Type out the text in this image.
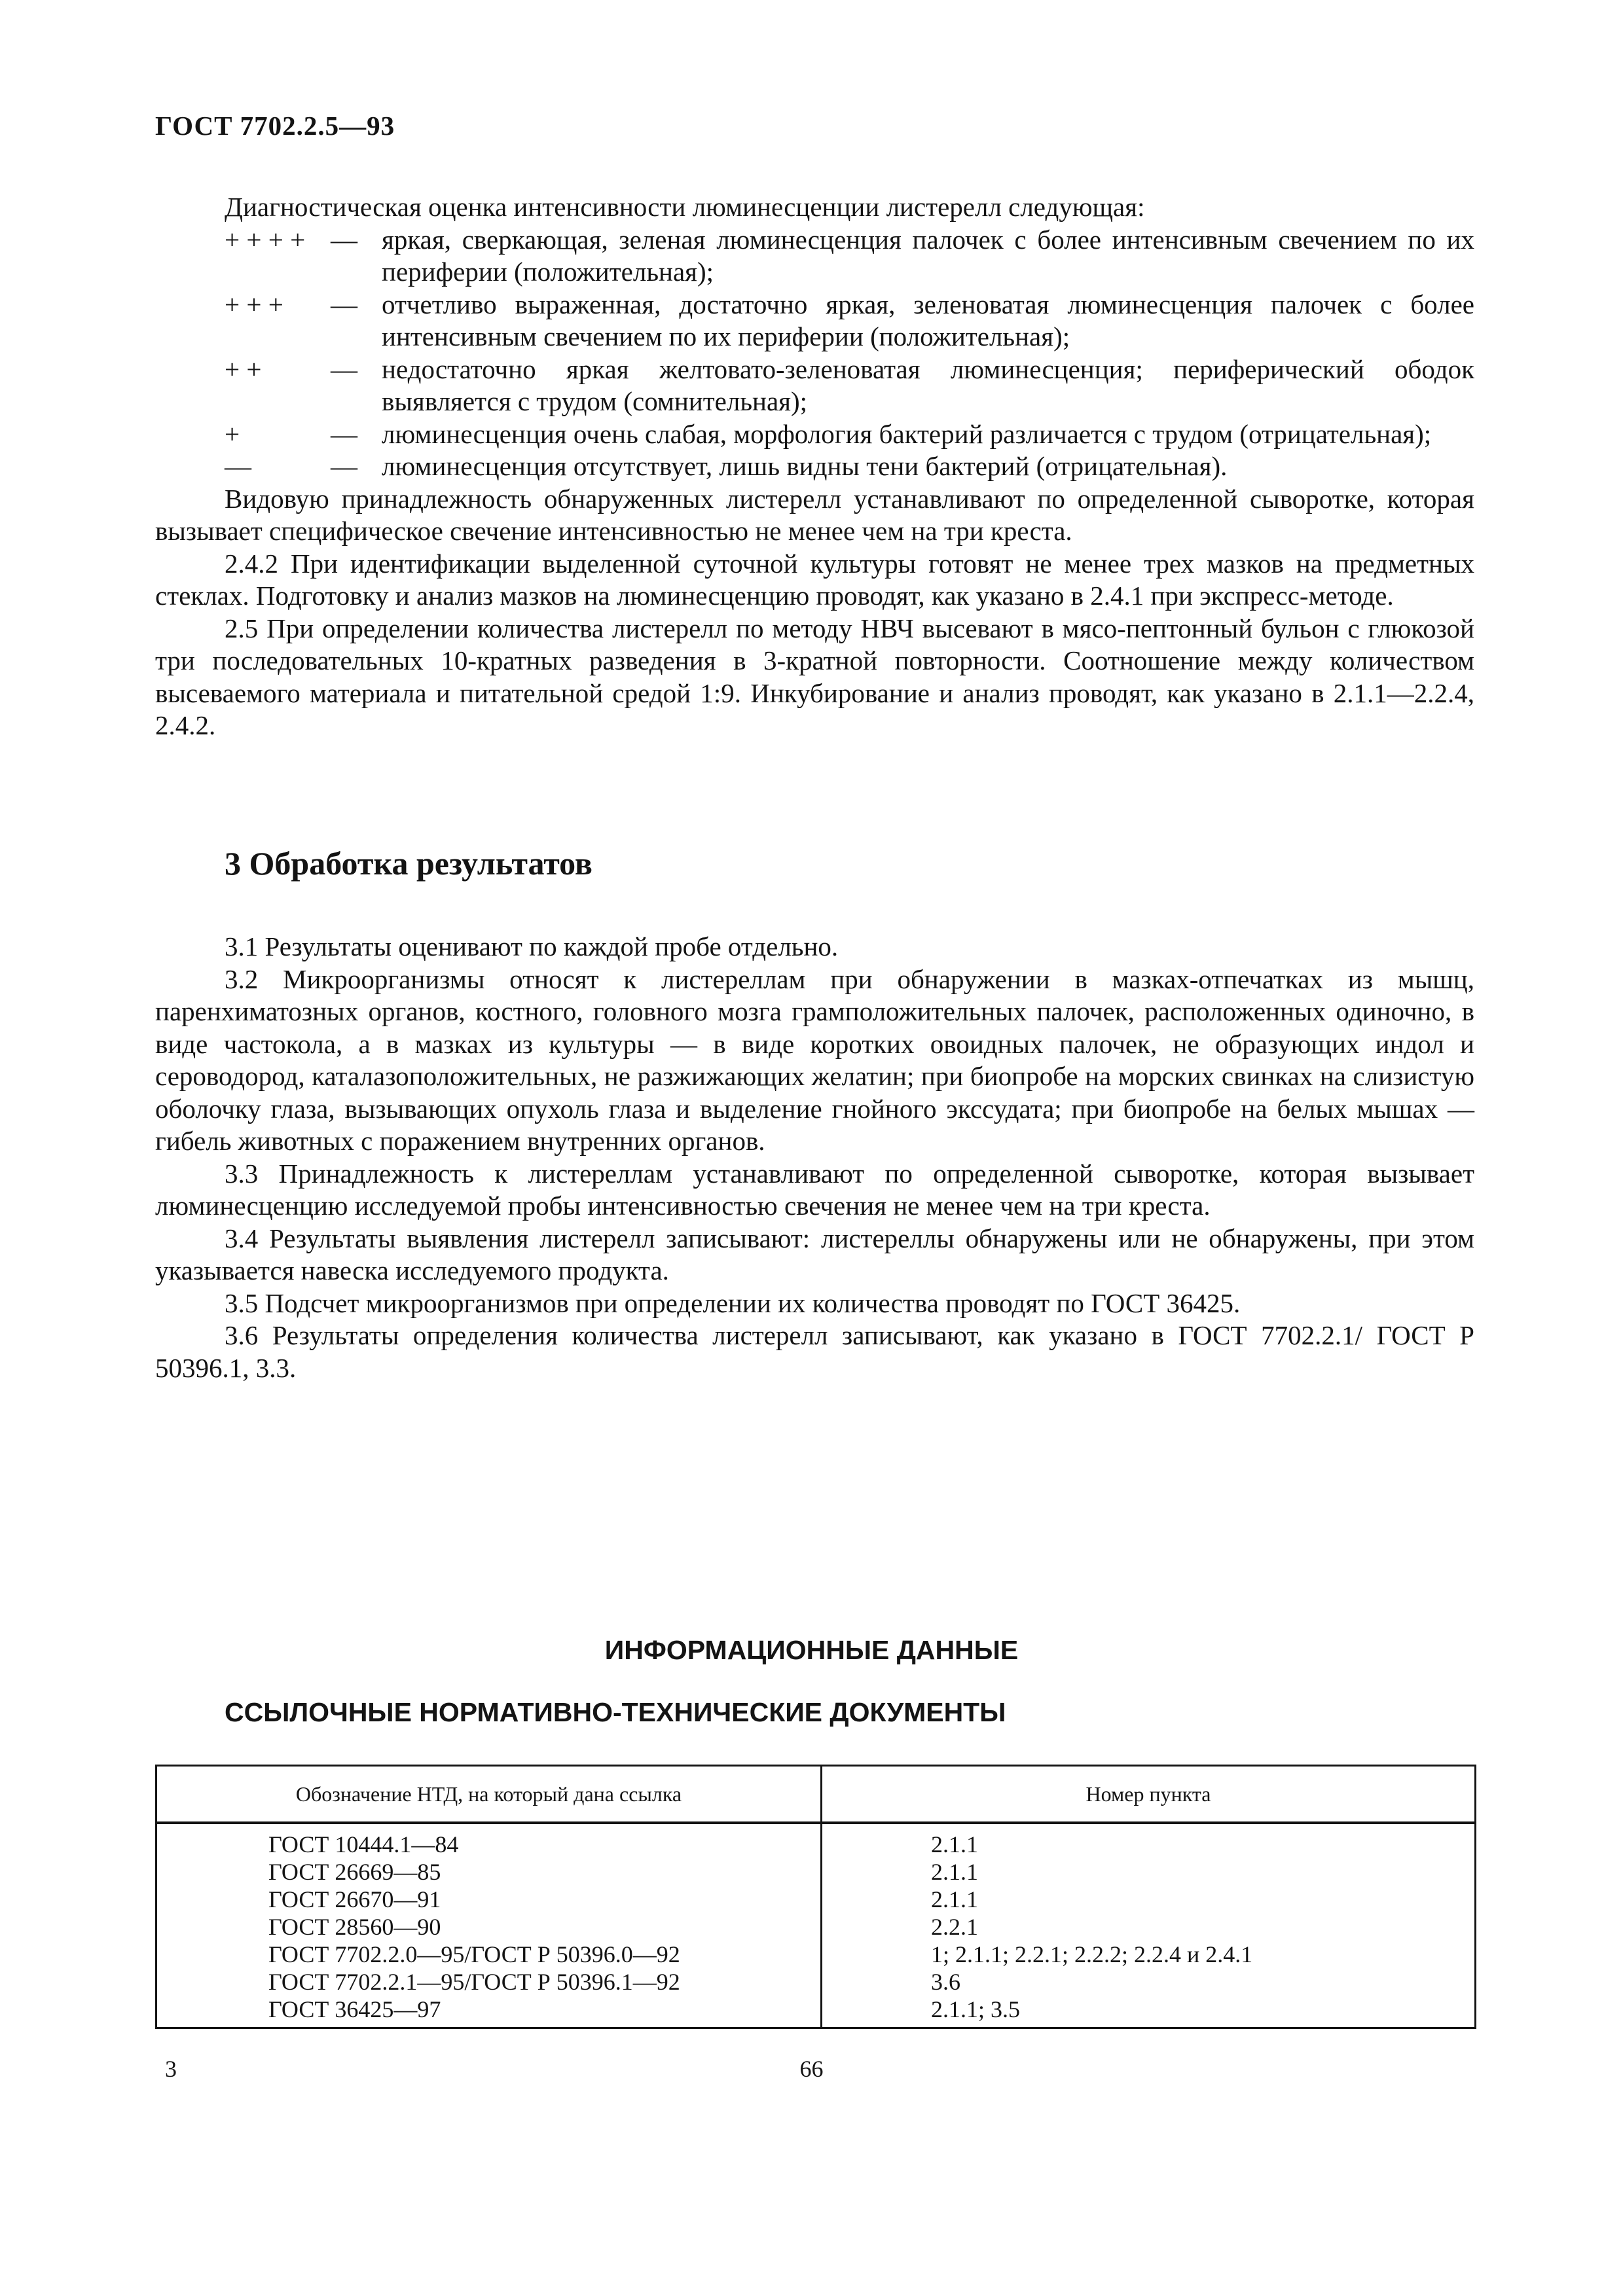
ГОСТ 7702.2.5—93

Диагностическая оценка интенсивности люминесценции листерелл следующая:

+ + + + — яркая, сверкающая, зеленая люминесценция палочек с более интенсивным свечением по их периферии (положительная);
+ + +	— отчетливо выраженная, достаточно яркая, зеленоватая люминесценция палочек с более интенсивным свечением по их периферии (положительная);
+ +	— недостаточно яркая желтовато-зеленоватая люминесценция; периферический ободок выявляется с трудом (сомнительная);
+	— люминесценция очень слабая, морфология бактерий различается с трудом (отрицательная);
—	— люминесценция отсутствует, лишь видны тени бактерий (отрицательная).

Видовую принадлежность обнаруженных листерелл устанавливают по определенной сыворотке, которая вызывает специфическое свечение интенсивностью не менее чем на три креста.

2.4.2 При идентификации выделенной суточной культуры готовят не менее трех мазков на предметных стеклах. Подготовку и анализ мазков на люминесценцию проводят, как указано в 2.4.1 при экспресс-методе.

2.5 При определении количества листерелл по методу НВЧ высевают в мясо-пептонный бульон с глюкозой три последовательных 10-кратных разведения в 3-кратной повторности. Соотношение между количеством высеваемого материала и питательной средой 1:9. Инкубирование и анализ проводят, как указано в 2.1.1—2.2.4, 2.4.2.

3 Обработка результатов

3.1 Результаты оценивают по каждой пробе отдельно.

3.2 Микроорганизмы относят к листереллам при обнаружении в мазках-отпечатках из мышц, паренхиматозных органов, костного, головного мозга грамположительных палочек, расположенных одиночно, в виде частокола, а в мазках из культуры — в виде коротких овоидных палочек, не образующих индол и сероводород, каталазоположительных, не разжижающих желатин; при биопробе на морских свинках на слизистую оболочку глаза, вызывающих опухоль глаза и выделение гнойного экссудата; при биопробе на белых мышах — гибель животных с поражением внутренних органов.

3.3 Принадлежность к листереллам устанавливают по определенной сыворотке, которая вызывает люминесценцию исследуемой пробы интенсивностью свечения не менее чем на три креста.

3.4 Результаты выявления листерелл записывают: листереллы обнаружены или не обнаружены, при этом указывается навеска исследуемого продукта.

3.5 Подсчет микроорганизмов при определении их количества проводят по ГОСТ 36425.

3.6 Результаты определения количества листерелл записывают, как указано в ГОСТ 7702.2.1/ ГОСТ Р 50396.1, 3.3.

ИНФОРМАЦИОННЫЕ ДАННЫЕ
ССЫЛОЧНЫЕ НОРМАТИВНО-ТЕХНИЧЕСКИЕ ДОКУМЕНТЫ
Обозначение НТД, на который дана ссылка	Номер пункта
ГОСТ 10444.1—84	2.1.1
ГОСТ 26669—85	2.1.1
ГОСТ 26670—91	2.1.1
ГОСТ 28560—90	2.2.1
ГОСТ 7702.2.0—95/ГОСТ Р 50396.0—92	1; 2.1.1; 2.2.1; 2.2.2; 2.2.4 и 2.4.1
ГОСТ 7702.2.1—95/ГОСТ Р 50396.1—92	3.6
ГОСТ 36425—97	2.1.1; 3.5
3	66
